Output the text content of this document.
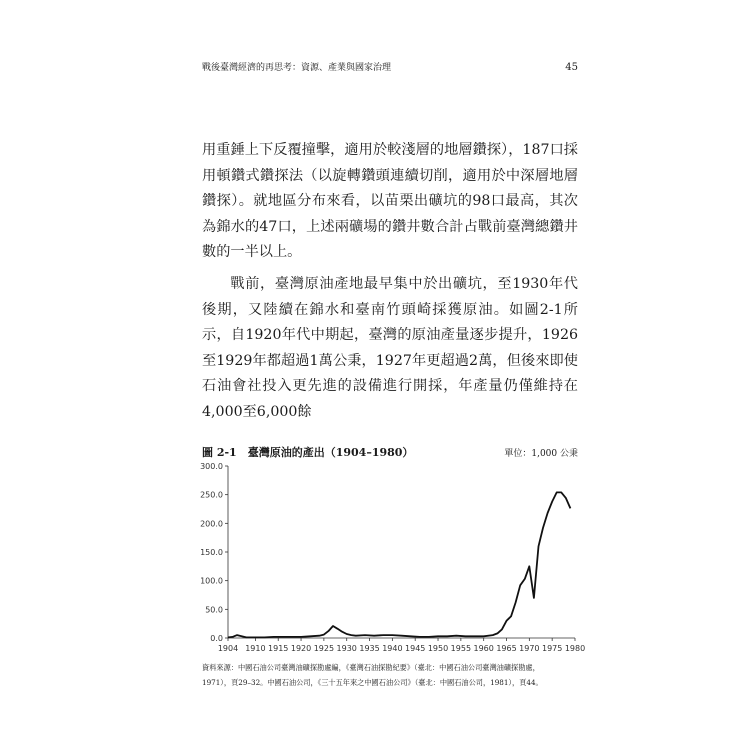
戰後臺灣經濟的再思考：資源、產業與國家治理	45

用重錘上下反覆撞擊，適用於較淺層的地層鑽探），187口採用頓鑽式鑽探法（以旋轉鑽頭連續切削，適用於中深層地層鑽探）。就地區分布來看，以苗栗出礦坑的98口最高，其次為錦水的47口，上述兩礦場的鑽井數合計占戰前臺灣總鑽井數的一半以上。

戰前，臺灣原油產地最早集中於出礦坑，至1930年代後期，又陸續在錦水和臺南竹頭崎採獲原油。如圖2-1所示，自1920年代中期起，臺灣的原油產量逐步提升，1926至1929年都超過1萬公秉，1927年更超過2萬，但後來即使石油會社投入更先進的設備進行開採，年產量仍僅維持在4,000至6,000餘

圖 2-1　臺灣原油的產出（1904–1980）	單位：1,000 公秉
0.0
50.0
100.0
150.0
200.0
250.0
300.0
1904 1910 1915 1920 1925 1930 1935 1940 1945 1950 1955 1960 1965 1970 1975 1980

資料來源：中國石油公司臺灣油礦探勘處編，《臺灣石油探勘紀要》（臺北：中國石油公司臺灣油礦探勘處，

1971），頁29–32。中國石油公司，《三十五年來之中國石油公司》（臺北：中國石油公司，1981），頁44。
